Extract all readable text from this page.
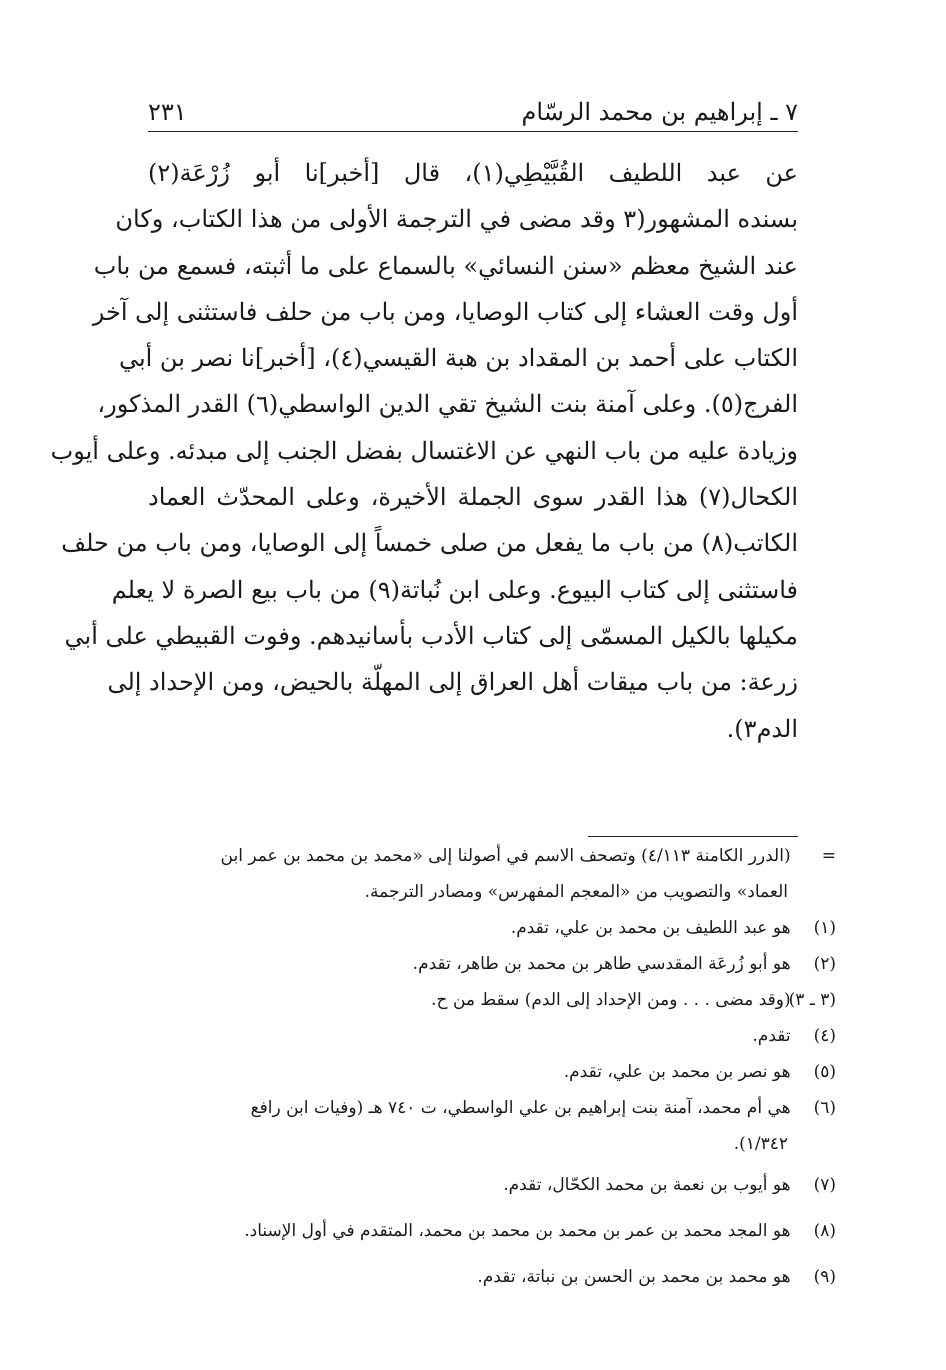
٧ ـ إبراهيم بن محمد الرسّام
٢٣١
عن عبد اللطيف القُبَّيْطِي(١)، قال [أخبر]نا أبو زُرْعَة(٢)
بسنده المشهور(٣ وقد مضى في الترجمة الأولى من هذا الكتاب، وكان
عند الشيخ معظم «سنن النسائي» بالسماع على ما أثبته، فسمع من باب
أول وقت العشاء إلى كتاب الوصايا، ومن باب من حلف فاستثنى إلى آخر
الكتاب على أحمد بن المقداد بن هبة القيسي(٤)، [أخبر]نا نصر بن أبي
الفرج(٥). وعلى آمنة بنت الشيخ تقي الدين الواسطي(٦) القدر المذكور،
وزيادة عليه من باب النهي عن الاغتسال بفضل الجنب إلى مبدئه. وعلى أيوب
الكحال(٧) هذا القدر سوى الجملة الأخيرة، وعلى المحدّث العماد
الكاتب(٨) من باب ما يفعل من صلى خمساً إلى الوصايا، ومن باب من حلف
فاستثنى إلى كتاب البيوع. وعلى ابن نُباتة(٩) من باب بيع الصرة لا يعلم
مكيلها بالكيل المسمّى إلى كتاب الأدب بأسانيدهم. وفوت القبيطي على أبي
زرعة: من باب ميقات أهل العراق إلى المهلّة بالحيض، ومن الإحداد إلى
الدم٣).
= (الدرر الكامنة ٤/١١٣) وتصحف الاسم في أصولنا إلى «محمد بن محمد بن عمر ابن
العماد» والتصويب من «المعجم المفهرس» ومصادر الترجمة.
(١) هو عبد اللطيف بن محمد بن علي، تقدم.
(٢) هو أبو زُرعَة المقدسي طاهر بن محمد بن طاهر، تقدم.
(٣ ـ ٣) (وقد مضى . . . ومن الإحداد إلى الدم) سقط من ح.
(٤) تقدم.
(٥) هو نصر بن محمد بن علي، تقدم.
(٦) هي أم محمد، آمنة بنت إبراهيم بن علي الواسطي، ت ٧٤٠ هـ (وفيات ابن رافع
١/٣٤٢).
(٧) هو أيوب بن نعمة بن محمد الكحّال، تقدم.
(٨) هو المجد محمد بن عمر بن محمد بن محمد بن محمد، المتقدم في أول الإسناد.
(٩) هو محمد بن محمد بن الحسن بن نباتة، تقدم.
